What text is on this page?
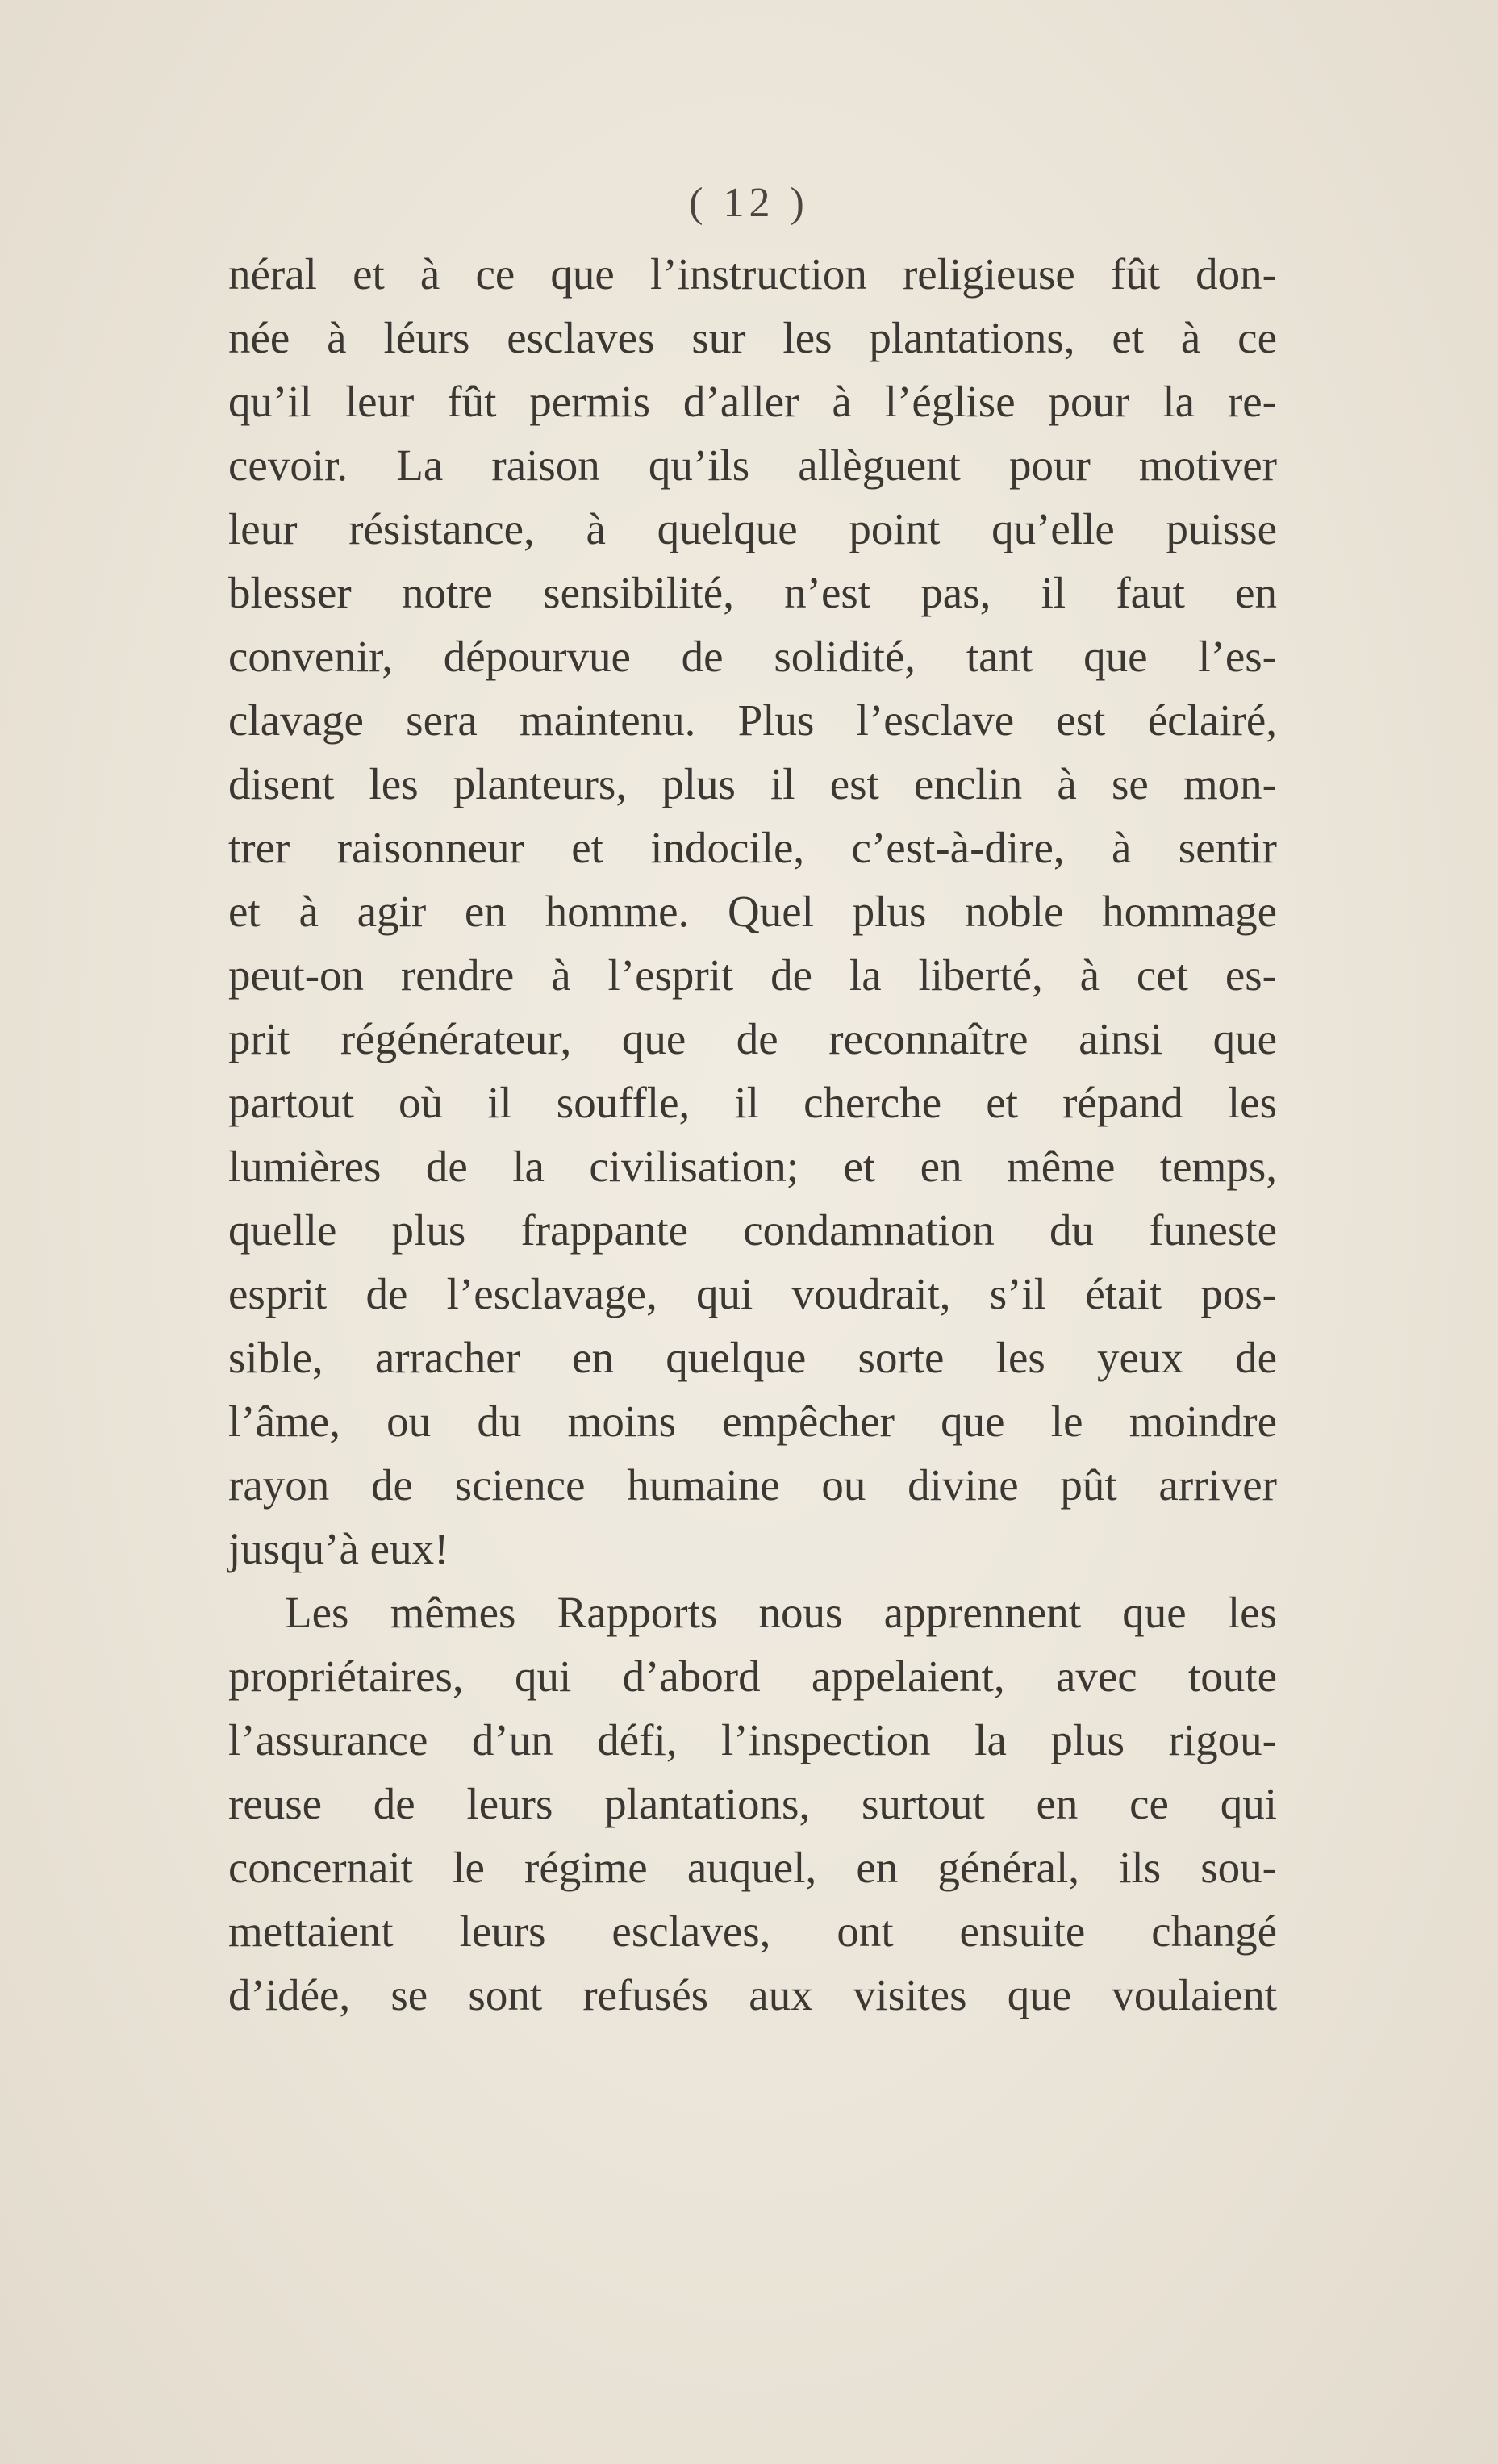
( 12 )
néral et à ce que l’instruction religieuse fût don-
née à léurs esclaves sur les plantations, et à ce
qu’il leur fût permis d’aller à l’église pour la re-
cevoir. La raison qu’ils allèguent pour motiver
leur résistance, à quelque point qu’elle puisse
blesser notre sensibilité, n’est pas, il faut en
convenir, dépourvue de solidité, tant que l’es-
clavage sera maintenu. Plus l’esclave est éclairé,
disent les planteurs, plus il est enclin à se mon-
trer raisonneur et indocile, c’est-à-dire, à sentir
et à agir en homme. Quel plus noble hommage
peut-on rendre à l’esprit de la liberté, à cet es-
prit régénérateur, que de reconnaître ainsi que
partout où il souffle, il cherche et répand les
lumières de la civilisation; et en même temps,
quelle plus frappante condamnation du funeste
esprit de l’esclavage, qui voudrait, s’il était pos-
sible, arracher en quelque sorte les yeux de
l’âme, ou du moins empêcher que le moindre
rayon de science humaine ou divine pût arriver
jusqu’à eux!
Les mêmes Rapports nous apprennent que les
propriétaires, qui d’abord appelaient, avec toute
l’assurance d’un défi, l’inspection la plus rigou-
reuse de leurs plantations, surtout en ce qui
concernait le régime auquel, en général, ils sou-
mettaient leurs esclaves, ont ensuite changé
d’idée, se sont refusés aux visites que voulaient
